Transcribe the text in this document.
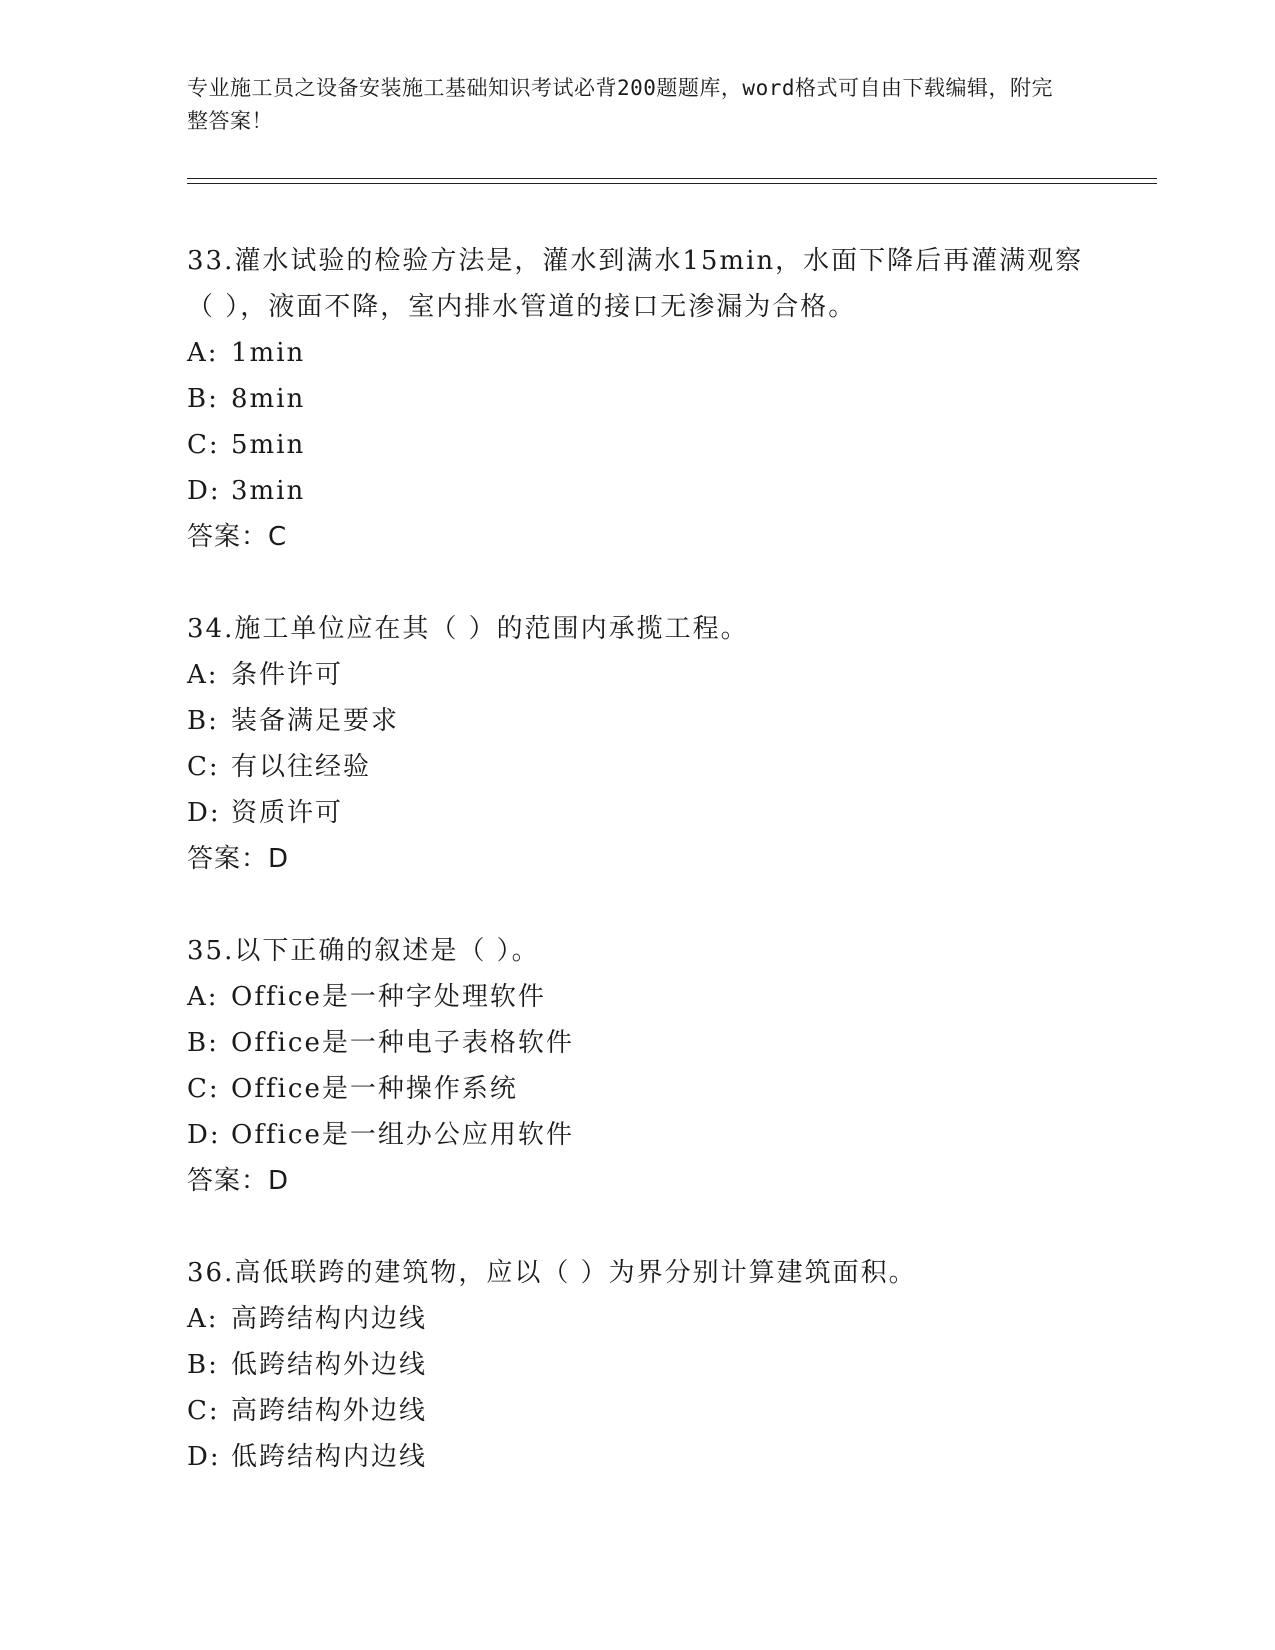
专业施工员之设备安装施工基础知识考试必背200题题库，word格式可自由下载编辑，附完整答案！
33.灌水试验的检验方法是，灌水到满水15min，水面下降后再灌满观察（ ），液面不降，室内排水管道的接口无渗漏为合格。
A: 1min
B: 8min
C: 5min
D: 3min
答案：C
34.施工单位应在其（ ）的范围内承揽工程。
A: 条件许可
B: 装备满足要求
C: 有以往经验
D: 资质许可
答案：D
35.以下正确的叙述是（ ）。
A: Office是一种字处理软件
B: Office是一种电子表格软件
C: Office是一种操作系统
D: Office是一组办公应用软件
答案：D
36.高低联跨的建筑物，应以（ ）为界分别计算建筑面积。
A: 高跨结构内边线
B: 低跨结构外边线
C: 高跨结构外边线
D: 低跨结构内边线
